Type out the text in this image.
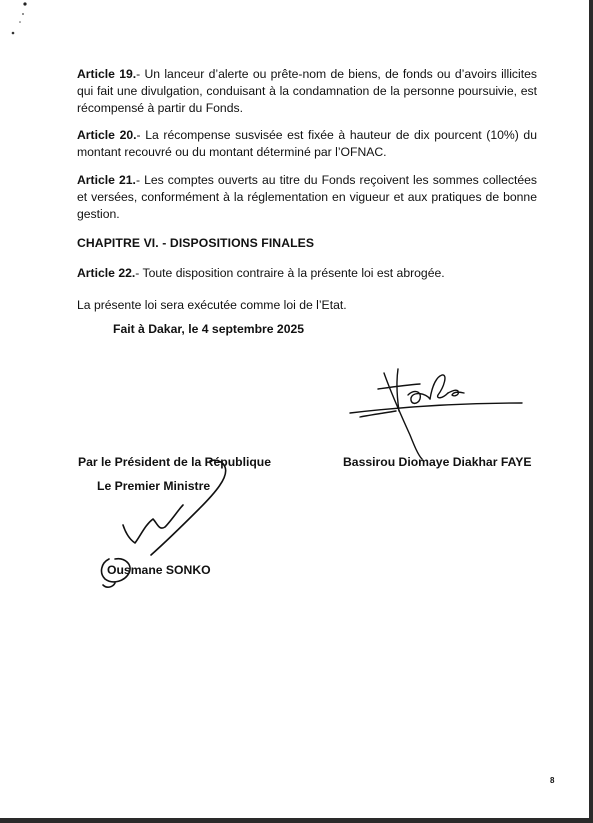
Article 19.- Un lanceur d’alerte ou prête-nom de biens, de fonds ou d’avoirs illicites qui fait une divulgation, conduisant à la condamnation de la personne poursuivie, est récompensé à partir du Fonds.
Article 20.- La récompense susvisée est fixée à hauteur de dix pourcent (10%) du montant recouvré ou du montant déterminé par l’OFNAC.
Article 21.- Les comptes ouverts au titre du Fonds reçoivent les sommes collectées et versées, conformément à la réglementation en vigueur et aux pratiques de bonne gestion.
CHAPITRE VI. - DISPOSITIONS FINALES
Article 22.- Toute disposition contraire à la présente loi est abrogée.
La présente loi sera exécutée comme loi de l’Etat.
Fait à Dakar, le 4 septembre 2025
Par le Président de la République
Le Premier Ministre
Ousmane SONKO
Bassirou Diomaye Diakhar FAYE
8
